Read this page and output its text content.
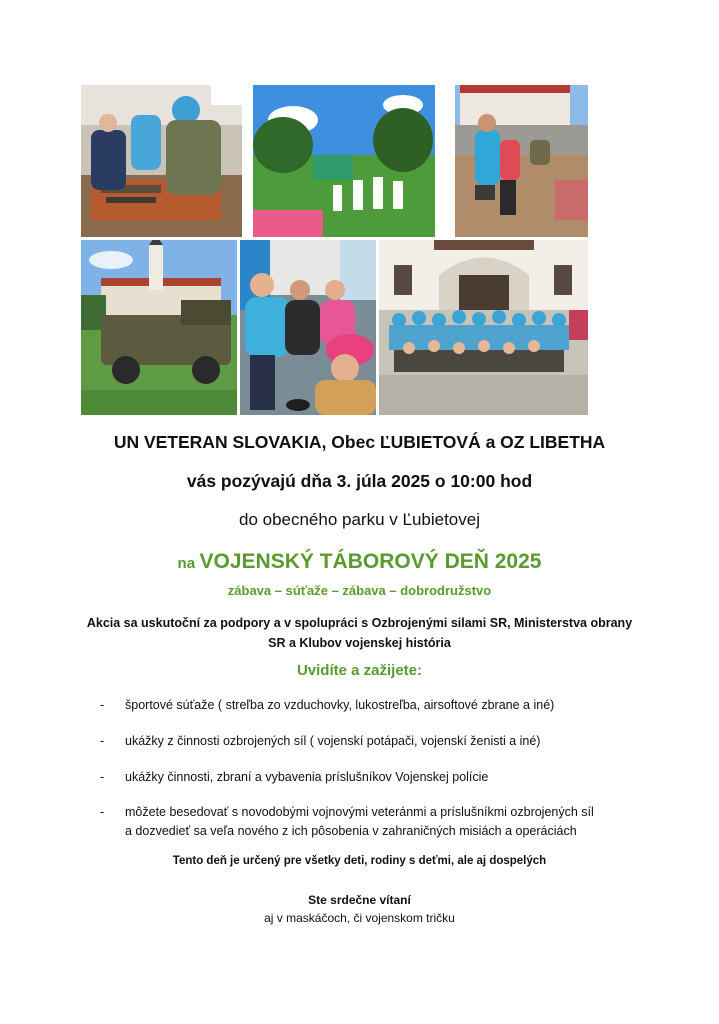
UN VETERAN SLOVAKIA, Obec ĽUBIETOVÁ a OZ LIBETHA
vás pozývajú dňa 3. júla 2025 o 10:00 hod
do obecného parku v Ľubietovej
na VOJENSKÝ TÁBOROVÝ DEŇ 2025
zábava – súťaže – zábava – dobrodružstvo
Akcia sa uskutoční za podpory a v spolupráci s Ozbrojenými silami SR, Ministerstva obrany
SR a Klubov vojenskej história
Uvidíte a zažijete:
- športové súťaže ( streľba zo vzduchovky, lukostreľba, airsoftové zbrane a iné)
- ukážky z činnosti ozbrojených síl ( vojenskí potápači, vojenskí ženisti a iné)
- ukážky činnosti, zbraní a vybavenia príslušníkov Vojenskej polície
- môžete besedovať s novodobými vojnovými veteránmi a príslušníkmi ozbrojených síl
a dozvedieť sa veľa nového z ich pôsobenia v zahraničných misiách a operáciách
Tento deň je určený pre všetky deti, rodiny s deťmi, ale aj dospelých
Ste srdečne vítaní
aj v maskáčoch, či vojenskom tričku
